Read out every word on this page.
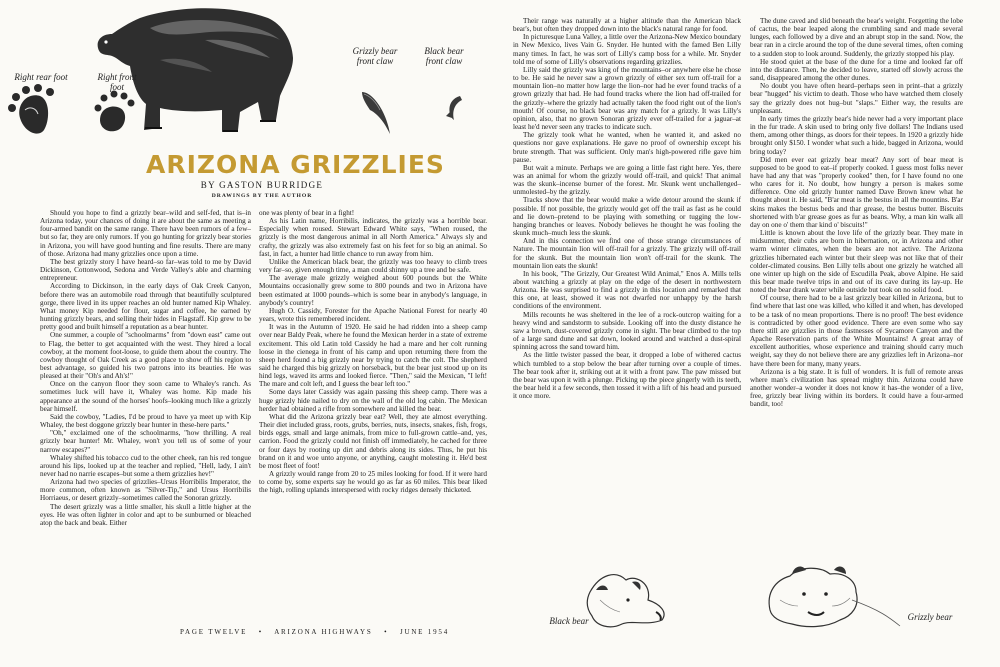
Right rear foot	Right front foot
Grizzly bear front claw
Black bear front claw
Black bear	Grizzly bear
ARIZONA GRIZZLIES
BY GASTON BURRIDGE
DRAWINGS BY THE AUTHOR

Should you hope to find a grizzly bear–wild and self-fed, that is–in Arizona today, your chances of doing it are about the same as meeting a four-armed bandit on the same range. There have been rumors of a few–but so far, they are only rumors. If you go hunting for grizzly bear stories in Arizona, you will have good hunting and fine results. There are many of those. Arizona had many grizzlies once upon a time.

The best grizzly story I have heard–so far–was told to me by David Dickinson, Cottonwood, Sedona and Verde Valley's able and charming entrepreneur.

According to Dickinson, in the early days of Oak Creek Canyon, before there was an automobile road through that beautifully sculptured gorge, there lived in its upper reaches an old hunter named Kip Whaley. What money Kip needed for flour, sugar and coffee, he earned by hunting grizzly bears, and selling their hides in Flagstaff. Kip grew to be pretty good and built himself a reputation as a bear hunter.

One summer, a couple of "schoolmarms" from "down east" came out to Flag, the better to get acquainted with the west. They hired a local cowboy, at the moment foot-loose, to guide them about the country. The cowboy thought of Oak Creek as a good place to show off his region to best advantage, so guided his two patrons into its beauties. He was pleased at their "Oh's and Ah's!"

Once on the canyon floor they soon came to Whaley's ranch. As sometimes luck will have it, Whaley was home. Kip made his appearance at the sound of the horses' hoofs–looking much like a grizzly bear himself.

Said the cowboy, "Ladies, I'd be proud to have ya meet up with Kip Whaley, the best doggone grizzly bear hunter in these-here parts."

"Oh," exclaimed one of the schoolmarms, "how thrilling. A real grizzly bear hunter! Mr. Whaley, won't you tell us of some of your narrow escapes?"

Whaley shifted his tobacco cud to the other cheek, ran his red tongue around his lips, looked up at the teacher and replied, "Hell, lady, I ain't never had no narrie escapes–but some a them grizzlies hev!"

Arizona had two species of grizzlies–Ursus Horribilis Imperator, the more common, often known as "Silver-Tip," and Ursus Horribilis Horriaeus, or desert grizzly–sometimes called the Sonoran grizzly.

The desert grizzly was a little smaller, his skull a little higher at the eyes. He was often lighter in color and apt to be sunburned or bleached atop the back and beak. Either

one was plenty of bear in a fight!

As his Latin name, Horribilis, indicates, the grizzly was a horrible bear. Especially when roused. Stewart Edward White says, "When roused, the grizzly is the most dangerous animal in all North America." Always sly and crafty, the grizzly was also extremely fast on his feet for so big an animal. So fast, in fact, a hunter had little chance to run away from him.

Unlike the American black bear, the grizzly was too heavy to climb trees very far–so, given enough time, a man could shinny up a tree and be safe.

The average male grizzly weighed about 600 pounds but the White Mountains occasionally grew some to 800 pounds and two in Arizona have been estimated at 1000 pounds–which is some bear in anybody's language, in anybody's country!

Hugh O. Cassidy, Forester for the Apache National Forest for nearly 40 years, wrote this remembered incident.

It was in the Autumn of 1920. He said he had ridden into a sheep camp over near Baldy Peak, where he found the Mexican herder in a state of extreme excitement. This old Latin told Cassidy he had a mare and her colt running loose in the cienega in front of his camp and upon returning there from the sheep herd found a big grizzly near by trying to catch the colt. The shepherd said he charged this big grizzly on horseback, but the bear just stood up on its hind legs, waved its arms and looked fierce. "Then," said the Mexican, "I left! The mare and colt left, and I guess the bear left too."

Some days later Cassidy was again passing this sheep camp. There was a huge grizzly hide nailed to dry on the wall of the old log cabin. The Mexican herder had obtained a rifle from somewhere and killed the bear.

What did the Arizona grizzly bear eat? Well, they ate almost everything. Their diet included grass, roots, grubs, berries, nuts, insects, snakes, fish, frogs, birds eggs, small and large animals, from mice to full-grown cattle–and, yes, carrion. Food the grizzly could not finish off immediately, he cached for three or four days by rooting up dirt and debris along its sides. Thus, he put his brand on it and woe unto anyone, or anything, caught molesting it. He'd best be most fleet of foot!

A grizzly would range from 20 to 25 miles looking for food. If it were hard to come by, some experts say he would go as far as 60 miles. This bear liked the high, rolling uplands interspersed with rocky ridges densely thicketed.

Their range was naturally at a higher altitude than the American black bear's, but often they dropped down into the black's natural range for food.

In picturesque Luna Valley, a little over the Arizona-New Mexico boundary in New Mexico, lives Vain G. Snyder. He hunted with the famed Ben Lilly many times. In fact, he was sort of Lilly's camp boss for a while. Mr. Snyder told me of some of Lilly's observations regarding grizzlies.

Lilly said the grizzly was king of the mountains–or anywhere else he chose to be. He said he never saw a grown grizzly of either sex turn off-trail for a mountain lion–no matter how large the lion–nor had he ever found tracks of a grown grizzly that had. He had found tracks where the lion had off-trailed for the grizzly–where the grizzly had actually taken the food right out of the lion's mouth! Of course, no black bear was any match for a grizzly. It was Lilly's opinion, also, that no grown Sonoran grizzly ever off-trailed for a jaguar–at least he'd never seen any tracks to indicate such.

The grizzly took what he wanted, when he wanted it, and asked no questions nor gave explanations. He gave no proof of ownership except his brute strength. That was sufficient. Only man's high-powered rifle gave him pause.

But wait a minute. Perhaps we are going a little fast right here. Yes, there was an animal for whom the grizzly would off-trail, and quick! That animal was the skunk–incense burner of the forest. Mr. Skunk went unchallenged–unmolested–by the grizzly.

Tracks show that the bear would make a wide detour around the skunk if possible. If not possible, the grizzly would get off the trail as fast as he could and lie down–pretend to be playing with something or tugging the low-hanging branches or leaves. Nobody believes he thought he was fooling the skunk much–much less the skunk.

And in this connection we find one of those strange circumstances of Nature. The mountain lion will off-trail for a grizzly. The grizzly will off-trail for the skunk. But the mountain lion won't off-trail for the skunk. The mountain lion eats the skunk!

In his book, "The Grizzly, Our Greatest Wild Animal," Enos A. Mills tells about watching a grizzly at play on the edge of the desert in northwestern Arizona. He was surprised to find a grizzly in this location and remarked that this one, at least, showed it was not dwarfed nor unhappy by the harsh conditions of the environment.

Mills recounts he was sheltered in the lee of a rock-outcrop waiting for a heavy wind and sandstorm to subside. Looking off into the dusty distance he saw a brown, dust-covered grizzly come in sight. The bear climbed to the top of a large sand dune and sat down, looked around and watched a dust-spiral spinning across the sand toward him.

As the little twister passed the bear, it dropped a lobe of withered cactus which tumbled to a stop below the bear after turning over a couple of times. The bear took after it, striking out at it with a front paw. The paw missed but the bear was upon it with a plunge. Picking up the piece gingerly with its teeth, the bear held it a few seconds, then tossed it with a lift of his head and pursued it once more.

The dune caved and slid beneath the bear's weight. Forgetting the lobe of cactus, the bear leaped along the crumbling sand and made several lunges, each followed by a dive and an abrupt stop in the sand. Now, the bear ran in a circle around the top of the dune several times, often coming to a sudden stop to look around. Suddenly, the grizzly stopped his play.

He stood quiet at the base of the dune for a time and looked far off into the distance. Then, he decided to leave, started off slowly across the sand, disappeared among the other dunes.

No doubt you have often heard–perhaps seen in print–that a grizzly bear "hugged" his victim to death. Those who have watched them closely say the grizzly does not hug–but "slaps." Either way, the results are unpleasant.

In early times the grizzly bear's hide never had a very important place in the fur trade. A skin used to bring only five dollars! The Indians used them, among other things, as doors for their tepees. In 1920 a grizzly hide brought only $150. I wonder what such a hide, bagged in Arizona, would bring today?

Did men ever eat grizzly bear meat? Any sort of bear meat is supposed to be good to eat–if properly cooked. I guess most folks never have had any that was "properly cooked" then, for I have found no one who cares for it. No doubt, how hungry a person is makes some difference. One old grizzly hunter named Dave Brown knew what he thought about it. He said, "B'ar meat is the bestus in all the mountins. B'ar skins makes the bestus beds and thar grease, the bestus butter. Biscuits shortened with b'ar grease goes as fur as beans. Why, a man kin walk all day on one o' them thar kind o' biscuits!"

Little is known about the love life of the grizzly bear. They mate in midsummer, their cubs are born in hibernation, or, in Arizona and other warm winter climates, when the bears are not active. The Arizona grizzlies hibernated each winter but their sleep was not like that of their colder-climated cousins. Ben Lilly tells about one grizzly he watched all one winter up high on the side of Escudilla Peak, above Alpine. He said this bear made twelve trips in and out of its cave during its lay-up. He noted the bear drank water while outside but took on no solid food.

Of course, there had to be a last grizzly bear killed in Arizona, but to find where that last one was killed, who killed it and when, has developed to be a task of no mean proportions. There is no proof! The best evidence is contradicted by other good evidence. There are even some who say there still are grizzlies in those fastnesses of Sycamore Canyon and the Apache Reservation parts of the White Mountains! A great array of excellent authorities, whose experience and training should carry much weight, say they do not believe there are any grizzlies left in Arizona–nor have there been for many, many years.

Arizona is a big state. It is full of wonders. It is full of remote areas where man's civilization has spread mighty thin. Arizona could have another wonder–a wonder it does not know it has–the wonder of a live, free, grizzly bear living within its borders. It could have a four-armed bandit, too!

PAGE TWELVE • ARIZONA HIGHWAYS • JUNE 1954
